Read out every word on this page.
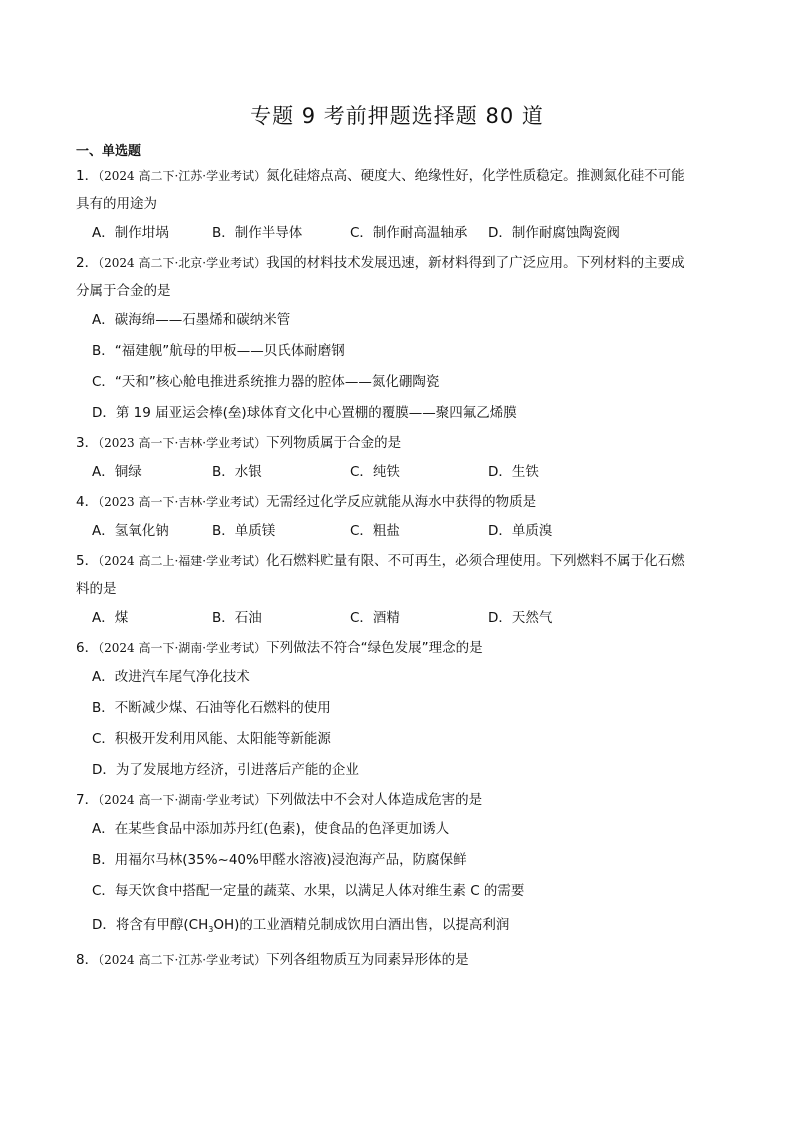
专题 9 考前押题选择题 80 道
一、单选题

1．（2024 高二下·江苏·学业考试）氮化硅熔点高、硬度大、绝缘性好，化学性质稳定。推测氮化硅不可能

具有的用途为

A．制作坩埚	B．制作半导体	C．制作耐高温轴承	D．制作耐腐蚀陶瓷阀

2．（2024 高二下·北京·学业考试）我国的材料技术发展迅速，新材料得到了广泛应用。下列材料的主要成

分属于合金的是

A．碳海绵——石墨烯和碳纳米管
B．“福建舰”航母的甲板——贝氏体耐磨钢
C．“天和”核心舱电推进系统推力器的腔体——氮化硼陶瓷
D．第 19 届亚运会棒(垒)球体育文化中心置棚的覆膜——聚四氟乙烯膜

3．（2023 高一下·吉林·学业考试）下列物质属于合金的是

A．铜绿	B．水银	C．纯铁	D．生铁

4．（2023 高一下·吉林·学业考试）无需经过化学反应就能从海水中获得的物质是

A．氢氧化钠	B．单质镁	C．粗盐	D．单质溴

5．（2024 高二上·福建·学业考试）化石燃料贮量有限、不可再生，必须合理使用。下列燃料不属于化石燃

料的是

A．煤	B．石油	C．酒精	D．天然气

6．（2024 高一下·湖南·学业考试）下列做法不符合“绿色发展”理念的是

A．改进汽车尾气净化技术
B．不断减少煤、石油等化石燃料的使用
C．积极开发利用风能、太阳能等新能源
D．为了发展地方经济，引进落后产能的企业

7．（2024 高一下·湖南·学业考试）下列做法中不会对人体造成危害的是

A．在某些食品中添加苏丹红(色素)，使食品的色泽更加诱人
B．用福尔马林(35%~40%甲醛水溶液)浸泡海产品，防腐保鲜
C．每天饮食中搭配一定量的蔬菜、水果，以满足人体对维生素 C 的需要
D．将含有甲醇$(CH_3OH)$的工业酒精兑制成饮用白酒出售，以提高利润

8．（2024 高二下·江苏·学业考试）下列各组物质互为同素异形体的是
